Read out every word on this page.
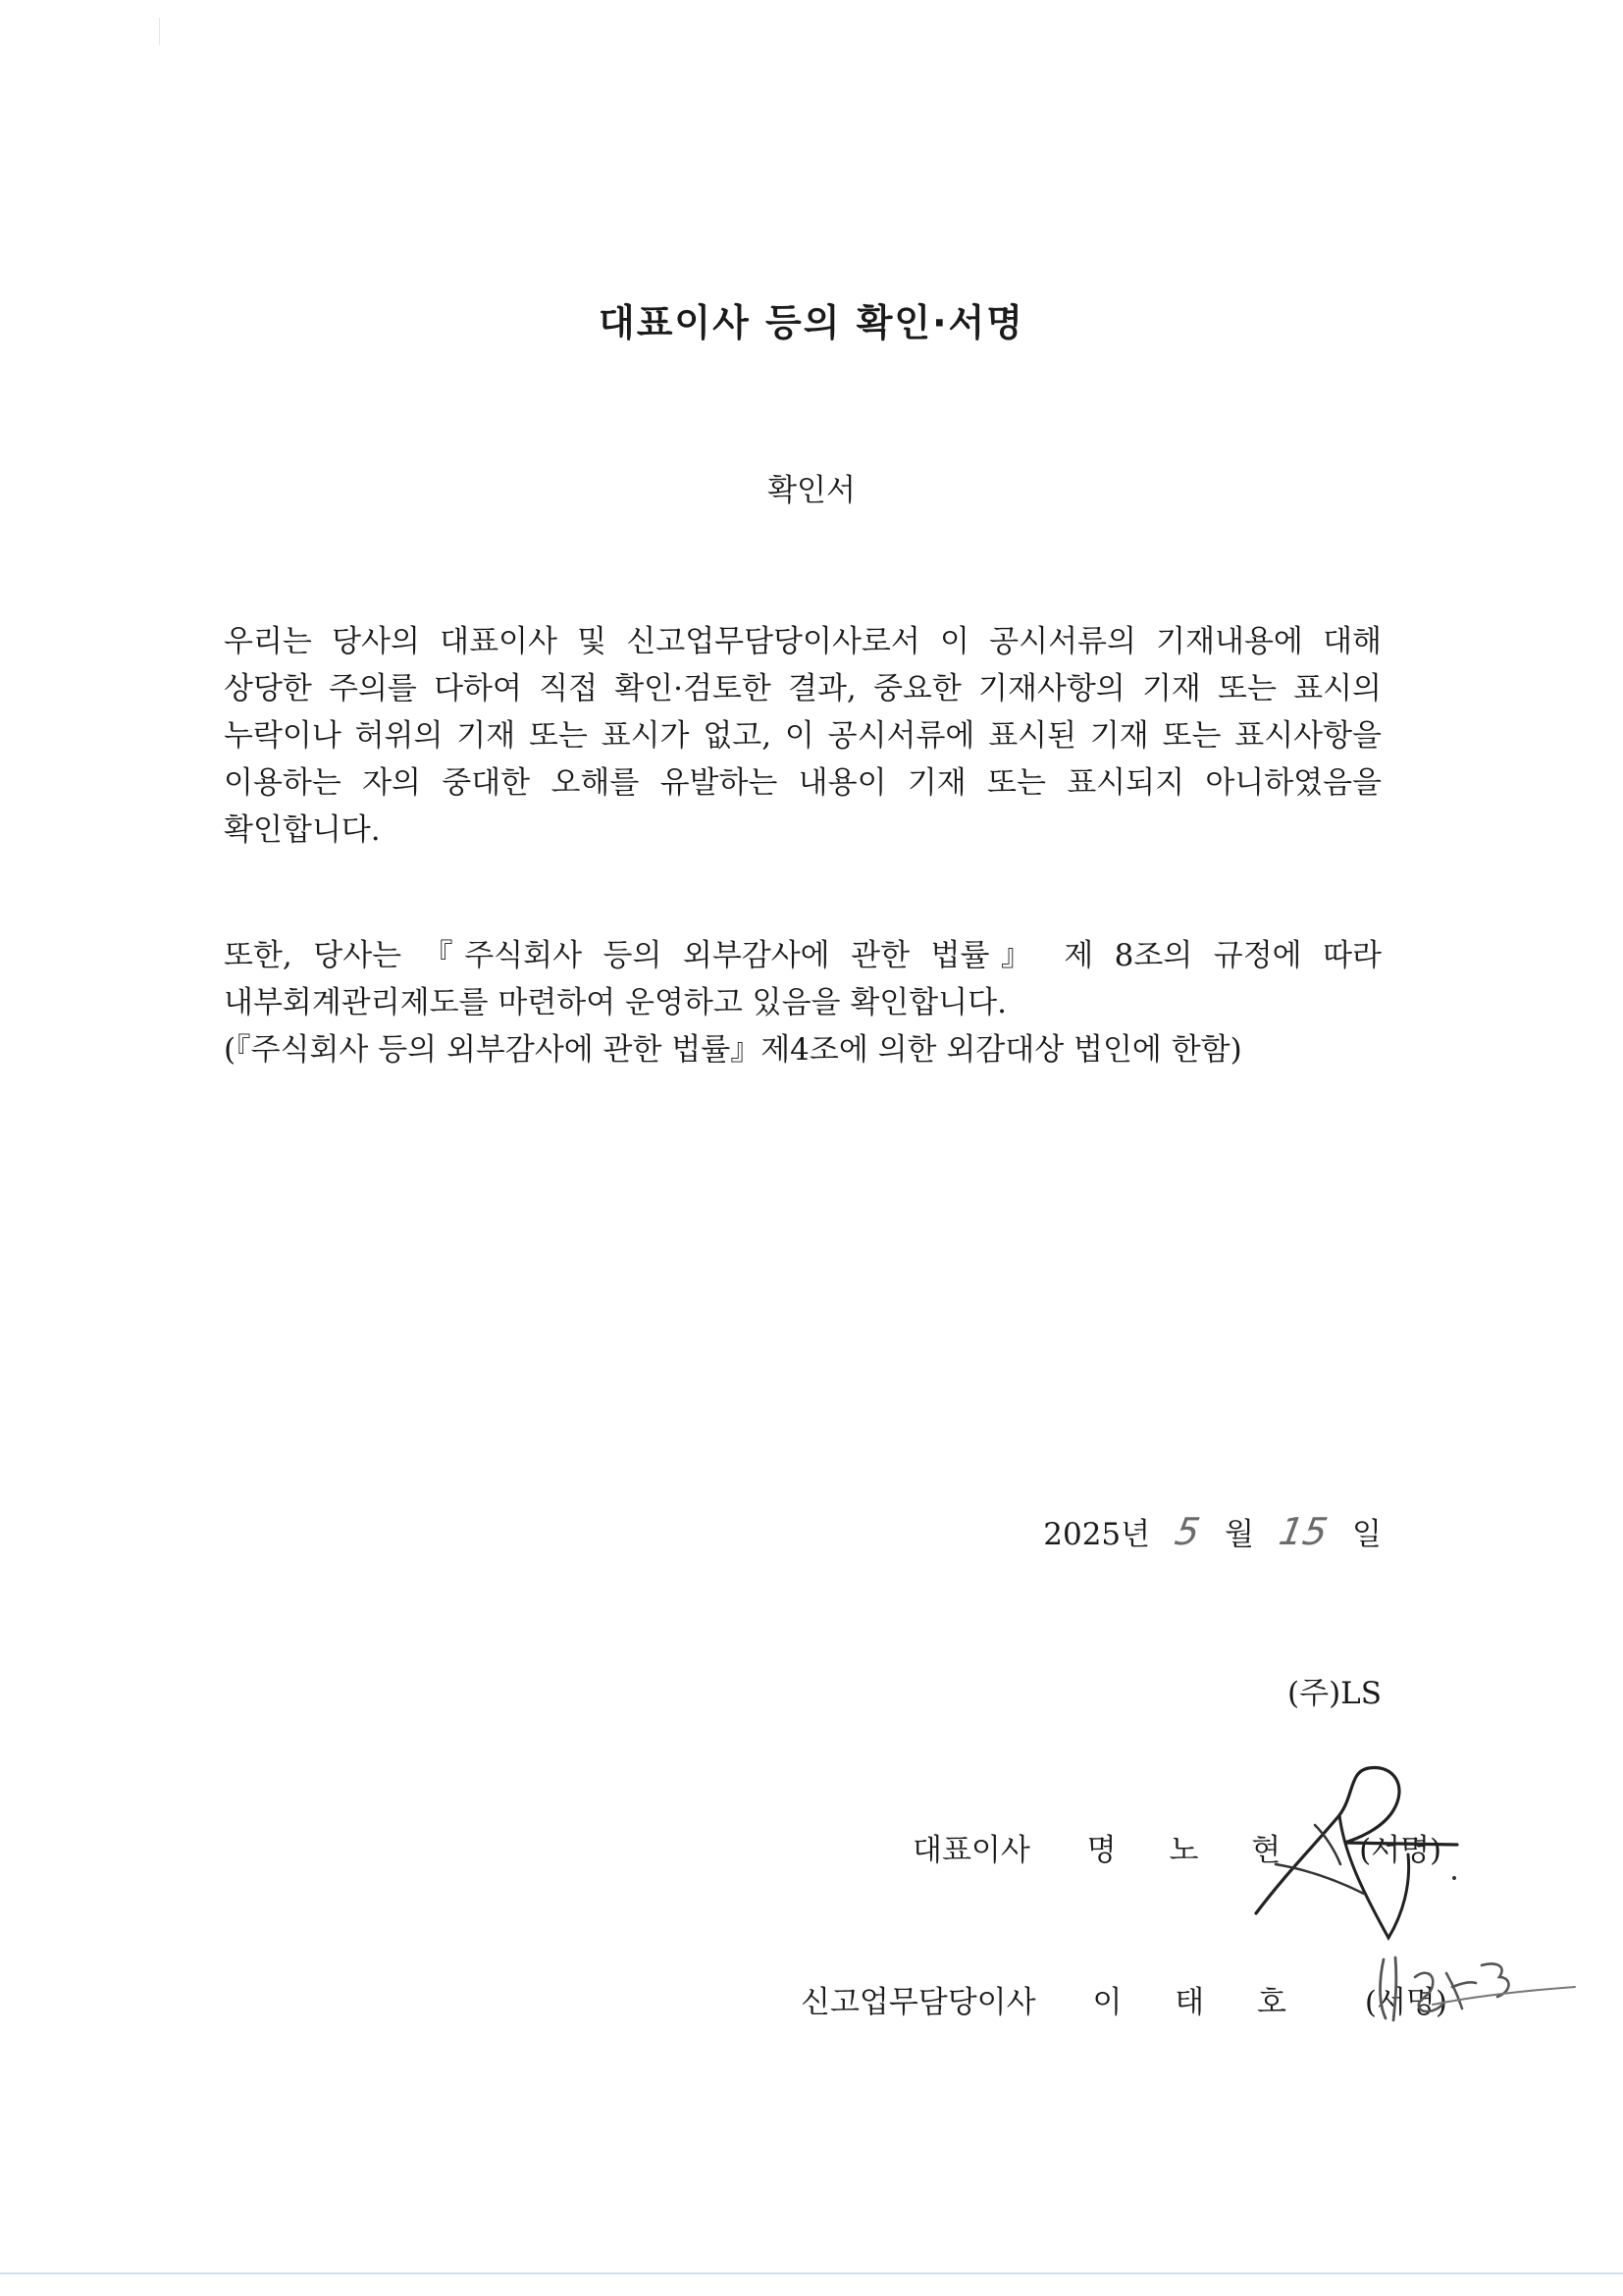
대표이사 등의 확인·서명
확인서
우리는 당사의 대표이사 및 신고업무담당이사로서 이 공시서류의 기재내용에 대해 상당한 주의를 다하여 직접 확인·검토한 결과, 중요한 기재사항의 기재 또는 표시의 누락이나 허위의 기재 또는 표시가 없고, 이 공시서류에 표시된 기재 또는 표시사항을 이용하는 자의 중대한 오해를 유발하는 내용이 기재 또는 표시되지 아니하였음을 확인합니다.
또한, 당사는 『주식회사 등의 외부감사에 관한 법률』 제 8조의 규정에 따라 내부회계관리제도를 마련하여 운영하고 있음을 확인합니다.
(『주식회사 등의 외부감사에 관한 법률』제4조에 의한 외감대상 법인에 한함)
2025년 5 월 15 일
(주)LS
대표이사 명 노 현 (서명)
신고업무담당이사 이 태 호 (서명)
